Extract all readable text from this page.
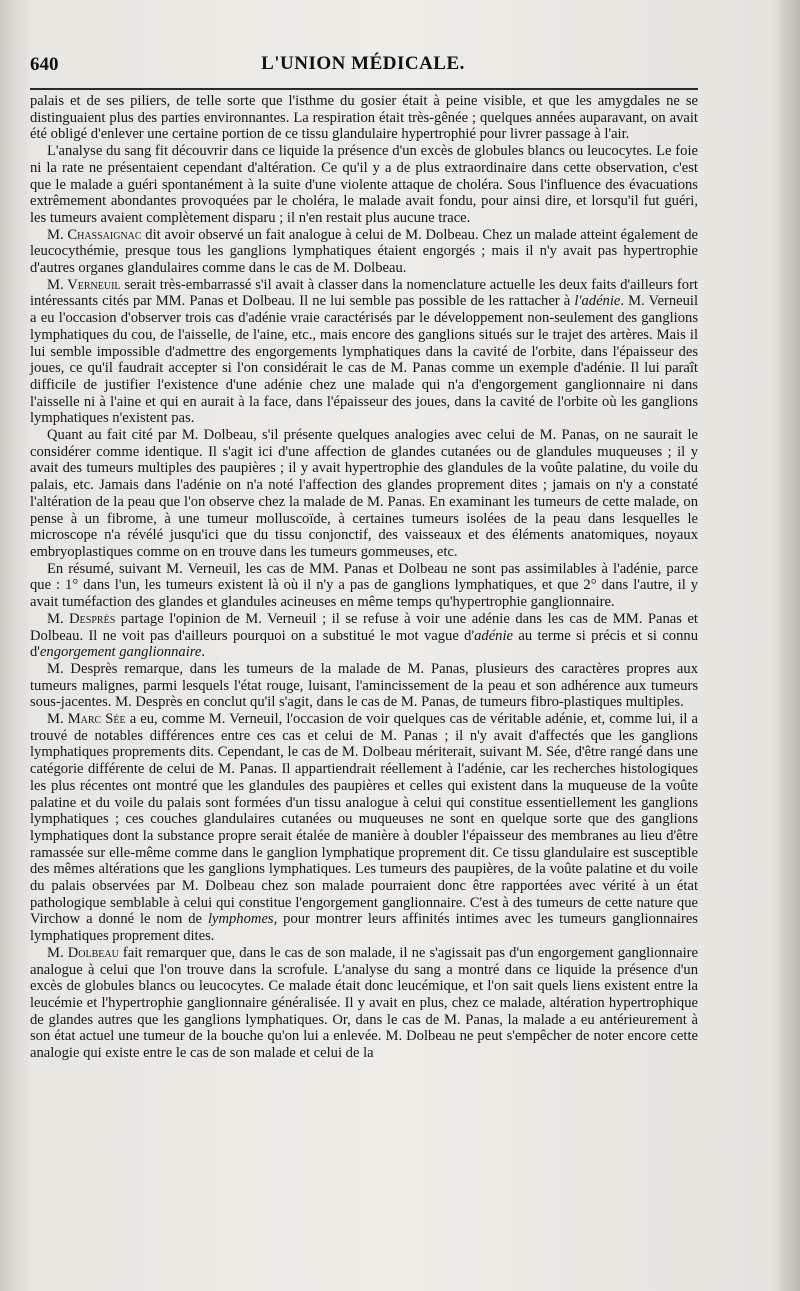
640	L'UNION MÉDICALE.

palais et de ses piliers, de telle sorte que l'isthme du gosier était à peine visible, et que les amygdales ne se distinguaient plus des parties environnantes. La respiration était très-gênée ; quelques années auparavant, on avait été obligé d'enlever une certaine portion de ce tissu glandulaire hypertrophié pour livrer passage à l'air.

L'analyse du sang fit découvrir dans ce liquide la présence d'un excès de globules blancs ou leucocytes. Le foie ni la rate ne présentaient cependant d'altération. Ce qu'il y a de plus extraordinaire dans cette observation, c'est que le malade a guéri spontanément à la suite d'une violente attaque de choléra. Sous l'influence des évacuations extrêmement abondantes provoquées par le choléra, le malade avait fondu, pour ainsi dire, et lorsqu'il fut guéri, les tumeurs avaient complètement disparu ; il n'en restait plus aucune trace.

M. Chassaignac dit avoir observé un fait analogue à celui de M. Dolbeau. Chez un malade atteint également de leucocythémie, presque tous les ganglions lymphatiques étaient engorgés ; mais il n'y avait pas hypertrophie d'autres organes glandulaires comme dans le cas de M. Dolbeau.

M. Verneuil serait très-embarrassé s'il avait à classer dans la nomenclature actuelle les deux faits d'ailleurs fort intéressants cités par MM. Panas et Dolbeau. Il ne lui semble pas possible de les rattacher à l'adénie. M. Verneuil a eu l'occasion d'observer trois cas d'adénie vraie caractérisés par le développement non-seulement des ganglions lymphatiques du cou, de l'aisselle, de l'aine, etc., mais encore des ganglions situés sur le trajet des artères. Mais il lui semble impossible d'admettre des engorgements lymphatiques dans la cavité de l'orbite, dans l'épaisseur des joues, ce qu'il faudrait accepter si l'on considérait le cas de M. Panas comme un exemple d'adénie. Il lui paraît difficile de justifier l'existence d'une adénie chez une malade qui n'a d'engorgement ganglionnaire ni dans l'aisselle ni à l'aine et qui en aurait à la face, dans l'épaisseur des joues, dans la cavité de l'orbite où les ganglions lymphatiques n'existent pas.

Quant au fait cité par M. Dolbeau, s'il présente quelques analogies avec celui de M. Panas, on ne saurait le considérer comme identique. Il s'agit ici d'une affection de glandes cutanées ou de glandules muqueuses ; il y avait des tumeurs multiples des paupières ; il y avait hypertrophie des glandules de la voûte palatine, du voile du palais, etc. Jamais dans l'adénie on n'a noté l'affection des glandes proprement dites ; jamais on n'y a constaté l'altération de la peau que l'on observe chez la malade de M. Panas. En examinant les tumeurs de cette malade, on pense à un fibrome, à une tumeur molluscoïde, à certaines tumeurs isolées de la peau dans lesquelles le microscope n'a révélé jusqu'ici que du tissu conjonctif, des vaisseaux et des éléments anatomiques, noyaux embryoplastiques comme on en trouve dans les tumeurs gommeuses, etc.

En résumé, suivant M. Verneuil, les cas de MM. Panas et Dolbeau ne sont pas assimilables à l'adénie, parce que : 1° dans l'un, les tumeurs existent là où il n'y a pas de ganglions lymphatiques, et que 2° dans l'autre, il y avait tuméfaction des glandes et glandules acineuses en même temps qu'hypertrophie ganglionnaire.

M. Desprès partage l'opinion de M. Verneuil ; il se refuse à voir une adénie dans les cas de MM. Panas et Dolbeau. Il ne voit pas d'ailleurs pourquoi on a substitué le mot vague d'adénie au terme si précis et si connu d'engorgement ganglionnaire.

M. Desprès remarque, dans les tumeurs de la malade de M. Panas, plusieurs des caractères propres aux tumeurs malignes, parmi lesquels l'état rouge, luisant, l'amincissement de la peau et son adhérence aux tumeurs sous-jacentes. M. Desprès en conclut qu'il s'agit, dans le cas de M. Panas, de tumeurs fibro-plastiques multiples.

M. Marc Sée a eu, comme M. Verneuil, l'occasion de voir quelques cas de véritable adénie, et, comme lui, il a trouvé de notables différences entre ces cas et celui de M. Panas ; il n'y avait d'affectés que les ganglions lymphatiques proprements dits. Cependant, le cas de M. Dolbeau mériterait, suivant M. Sée, d'être rangé dans une catégorie différente de celui de M. Panas. Il appartiendrait réellement à l'adénie, car les recherches histologiques les plus récentes ont montré que les glandules des paupières et celles qui existent dans la muqueuse de la voûte palatine et du voile du palais sont formées d'un tissu analogue à celui qui constitue essentiellement les ganglions lymphatiques ; ces couches glandulaires cutanées ou muqueuses ne sont en quelque sorte que des ganglions lymphatiques dont la substance propre serait étalée de manière à doubler l'épaisseur des membranes au lieu d'être ramassée sur elle-même comme dans le ganglion lymphatique proprement dit. Ce tissu glandulaire est susceptible des mêmes altérations que les ganglions lymphatiques. Les tumeurs des paupières, de la voûte palatine et du voile du palais observées par M. Dolbeau chez son malade pourraient donc être rapportées avec vérité à un état pathologique semblable à celui qui constitue l'engorgement ganglionnaire. C'est à des tumeurs de cette nature que Virchow a donné le nom de lymphomes, pour montrer leurs affinités intimes avec les tumeurs ganglionnaires lymphatiques proprement dites.

M. Dolbeau fait remarquer que, dans le cas de son malade, il ne s'agissait pas d'un engorgement ganglionnaire analogue à celui que l'on trouve dans la scrofule. L'analyse du sang a montré dans ce liquide la présence d'un excès de globules blancs ou leucocytes. Ce malade était donc leucémique, et l'on sait quels liens existent entre la leucémie et l'hypertrophie ganglionnaire généralisée. Il y avait en plus, chez ce malade, altération hypertrophique de glandes autres que les ganglions lymphatiques. Or, dans le cas de M. Panas, la malade a eu antérieurement à son état actuel une tumeur de la bouche qu'on lui a enlevée. M. Dolbeau ne peut s'empêcher de noter encore cette analogie qui existe entre le cas de son malade et celui de la
